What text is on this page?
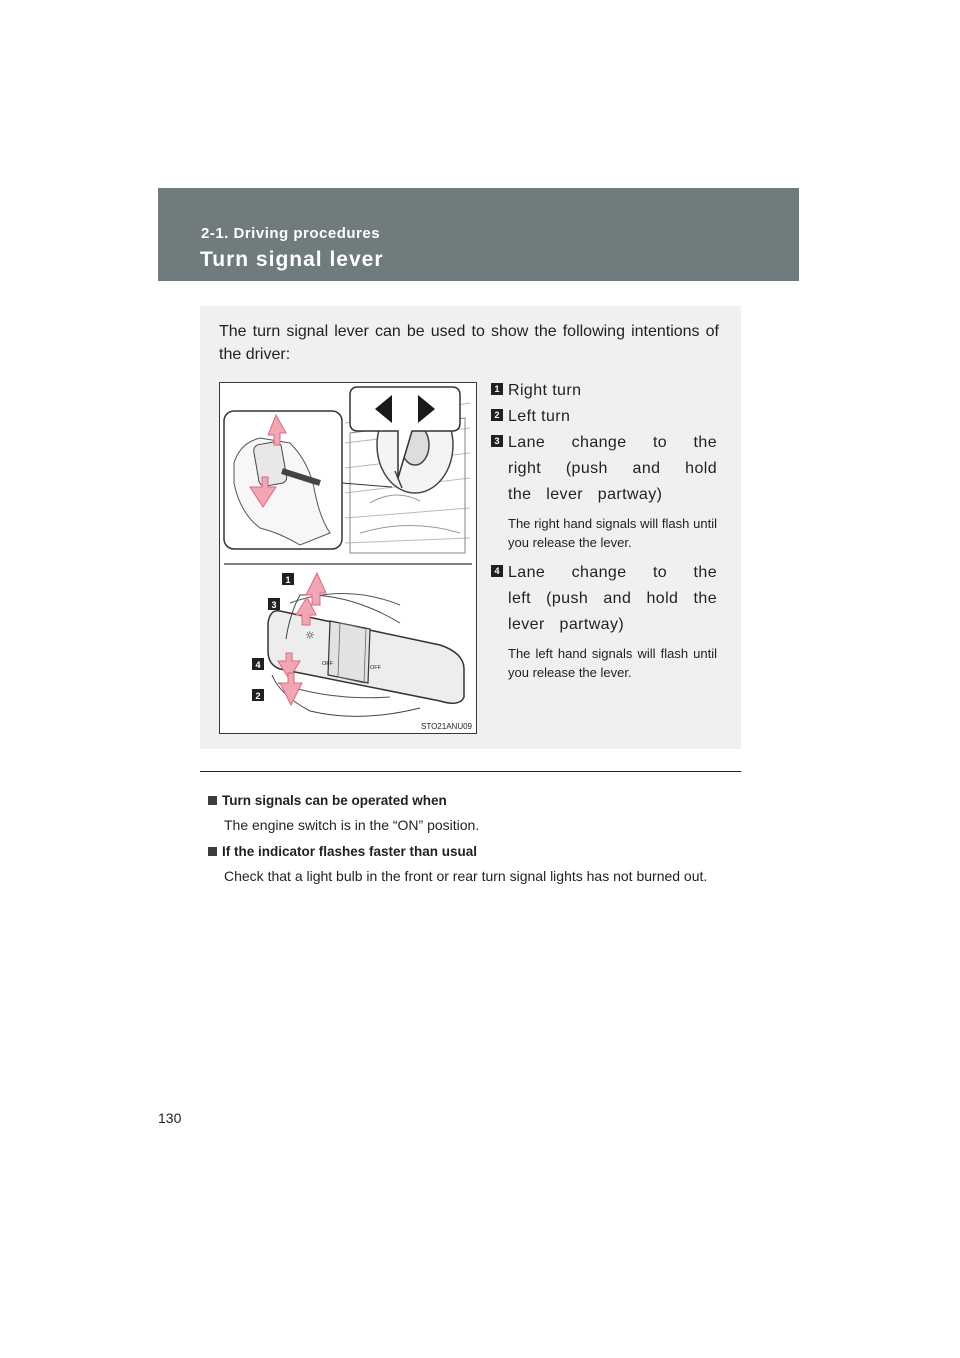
2-1. Driving procedures
Turn signal lever
The turn signal lever can be used to show the following intentions of the driver:
☼
OFF
OFF
1
3
4
2
STO21ANU09
1 Right turn
2 Left turn
3 Lane change to the right (push and hold the lever partway)
The right hand signals will flash until you release the lever.
4 Lane change to the left (push and hold the lever partway)
The left hand signals will flash until you release the lever.
Turn signals can be operated when
The engine switch is in the “ON” position.
If the indicator flashes faster than usual
Check that a light bulb in the front or rear turn signal lights has not burned out.
130
